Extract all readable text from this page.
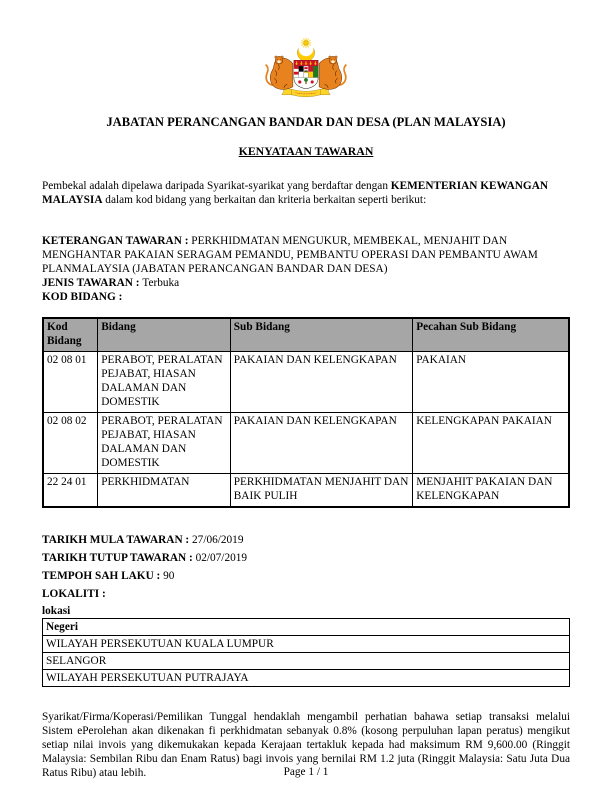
JABATAN PERANCANGAN BANDAR DAN DESA (PLAN MALAYSIA)
KENYATAAN TAWARAN

Pembekal adalah dipelawa daripada Syarikat-syarikat yang berdaftar dengan KEMENTERIAN KEWANGAN MALAYSIA dalam kod bidang yang berkaitan dan kriteria berkaitan seperti berikut:

KETERANGAN TAWARAN : PERKHIDMATAN MENGUKUR, MEMBEKAL, MENJAHIT DAN MENGHANTAR PAKAIAN SERAGAM PEMANDU, PEMBANTU OPERASI DAN PEMBANTU AWAM PLANMALAYSIA (JABATAN PERANCANGAN BANDAR DAN DESA)

JENIS TAWARAN : Terbuka

KOD BIDANG :

Kod Bidang	Bidang	Sub Bidang	Pecahan Sub Bidang
02 08 01	PERABOT, PERALATAN PEJABAT, HIASAN DALAMAN DAN DOMESTIK	PAKAIAN DAN KELENGKAPAN	PAKAIAN
02 08 02	PERABOT, PERALATAN PEJABAT, HIASAN DALAMAN DAN DOMESTIK	PAKAIAN DAN KELENGKAPAN	KELENGKAPAN PAKAIAN
22 24 01	PERKHIDMATAN	PERKHIDMATAN MENJAHIT DAN BAIK PULIH	MENJAHIT PAKAIAN DAN KELENGKAPAN
TARIKH MULA TAWARAN : 27/06/2019
TARIKH TUTUP TAWARAN : 02/07/2019
TEMPOH SAH LAKU : 90
LOKALITI :
lokasi
Negeri
WILAYAH PERSEKUTUAN KUALA LUMPUR
SELANGOR
WILAYAH PERSEKUTUAN PUTRAJAYA

Syarikat/Firma/Koperasi/Pemilikan Tunggal hendaklah mengambil perhatian bahawa setiap transaksi melalui Sistem ePerolehan akan dikenakan fi perkhidmatan sebanyak 0.8% (kosong perpuluhan lapan peratus) mengikut setiap nilai invois yang dikemukakan kepada Kerajaan tertakluk kepada had maksimum RM 9,600.00 (Ringgit Malaysia: Sembilan Ribu dan Enam Ratus) bagi invois yang bernilai RM 1.2 juta (Ringgit Malaysia: Satu Juta Dua Ratus Ribu) atau lebih.	Page 1 / 1
